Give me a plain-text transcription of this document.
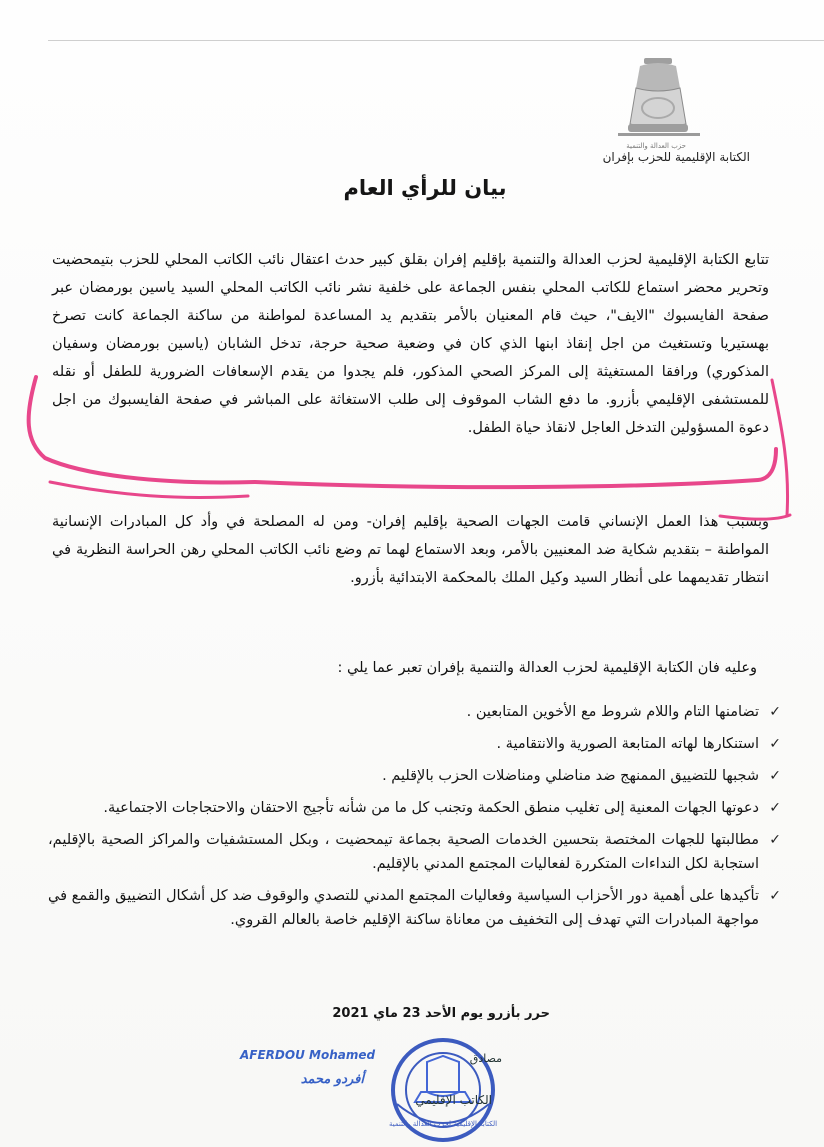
حزب العدالة والتنمية
الكتابة الإقليمية للحزب بإفران
بيان للرأي العام
تتابع الكتابة الإقليمية لحزب العدالة والتنمية بإقليم إفران بقلق كبير حدث اعتقال نائب الكاتب المحلي للحزب بتيمحضيت وتحرير محضر استماع للكاتب المحلي بنفس الجماعة على خلفية نشر نائب الكاتب المحلي السيد ياسين بورمضان عبر صفحة الفايسبوك "الايف"، حيث قام المعنيان بالأمر بتقديم يد المساعدة لمواطنة من ساكنة الجماعة كانت تصرخ بهستيريا وتستغيث من اجل إنقاذ ابنها الذي كان في وضعية صحية حرجة، تدخل الشابان (ياسين بورمضان وسفيان المذكوري) ورافقا المستغيثة إلى المركز الصحي المذكور، فلم يجدوا من يقدم الإسعافات الضرورية للطفل أو نقله للمستشفى الإقليمي بأزرو. ما دفع الشاب الموقوف إلى طلب الاستغاثة على المباشر في صفحة الفايسبوك من اجل دعوة المسؤولين التدخل العاجل لانقاذ حياة الطفل.
وبسبب هذا العمل الإنساني قامت الجهات الصحية بإقليم إفران- ومن له المصلحة في وأد كل المبادرات الإنسانية المواطنة – بتقديم شكاية ضد المعنيين بالأمر، وبعد الاستماع لهما تم وضع نائب الكاتب المحلي رهن الحراسة النظرية في انتظار تقديمهما على أنظار السيد وكيل الملك بالمحكمة الابتدائية بأزرو.
وعليه فان الكتابة الإقليمية لحزب العدالة والتنمية بإفران تعبر عما يلي :
✓
تضامنها التام واللام شروط مع الأخوين المتابعين .
✓
استنكارها لهاته المتابعة الصورية والانتقامية .
✓
شجبها للتضييق الممنهج ضد مناضلي ومناضلات الحزب بالإقليم .
✓
دعوتها الجهات المعنية إلى تغليب منطق الحكمة وتجنب كل ما من شأنه تأجيج الاحتقان والاحتجاجات الاجتماعية.
✓
مطالبتها للجهات المختصة بتحسين الخدمات الصحية بجماعة تيمحضيت ، وبكل المستشفيات والمراكز الصحية بالإقليم، استجابة لكل النداءات المتكررة لفعاليات المجتمع المدني بالإقليم.
✓
تأكيدها على أهمية دور الأحزاب السياسية وفعاليات المجتمع المدني للتصدي والوقوف ضد كل أشكال التضييق والقمع في مواجهة المبادرات التي تهدف إلى التخفيف من معاناة ساكنة الإقليم خاصة بالعالم القروي.
حرر بأزرو يوم الأحد 23 ماي 2021
الكتابة الإقليمية لحزب العدالة والتنمية
مصادق
الكاتب الإقليمي
AFERDOU Mohamed
أفردو محمد
